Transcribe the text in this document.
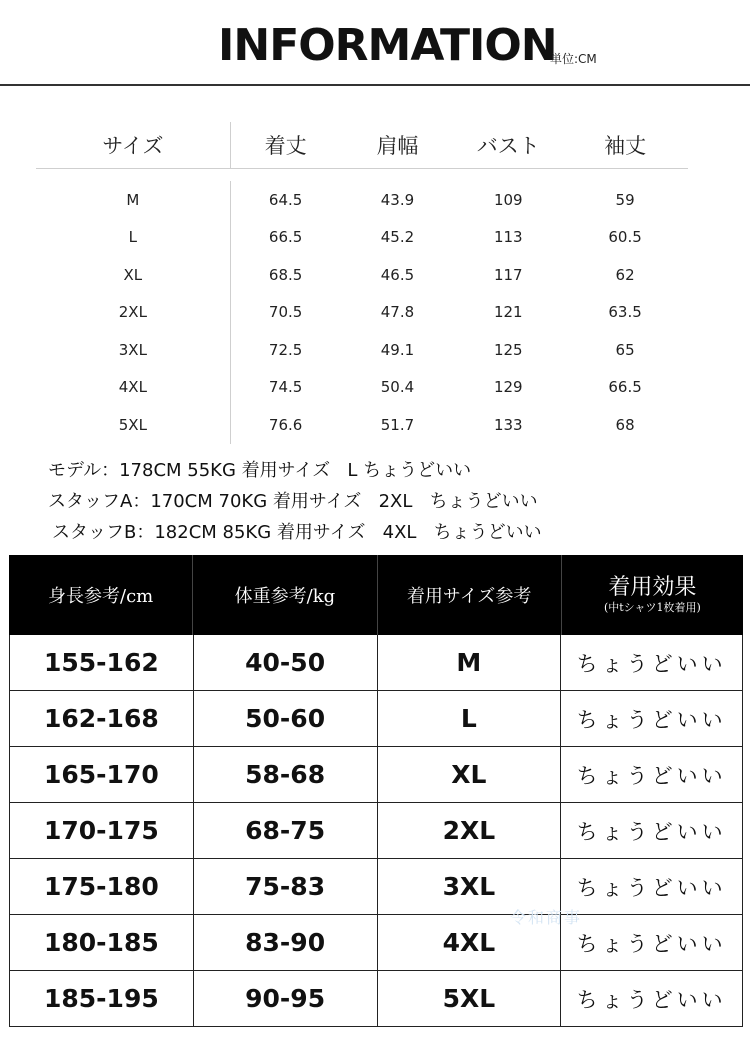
INFORMATION
単位:CM
サイズ	着丈	肩幅	バスト	袖丈
M	64.5	43.9	109	59
L	66.5	45.2	113	60.5
XL	68.5	46.5	117	62
2XL	70.5	47.8	121	63.5
3XL	72.5	49.1	125	65
4XL	74.5	50.4	129	66.5
5XL	76.6	51.7	133	68
モデル：178CM 55KG 着用サイズ   L ちょうどいい
スタッフA：170CM 70KG 着用サイズ   2XL   ちょうどいい
スタッフB：182CM 85KG 着用サイズ   4XL   ちょうどいい
身長参考/cm	体重参考/kg	着用サイズ参考	着用効果
(中tシャツ1枚着用)
155-162	40-50	M	ちょうどいい
162-168	50-60	L	ちょうどいい
165-170	58-68	XL	ちょうどいい
170-175	68-75	2XL	ちょうどいい
175-180	75-83	3XL	ちょうどいい
180-185	83-90	4XL	ちょうどいい
185-195	90-95	5XL	ちょうどいい
令和商事
